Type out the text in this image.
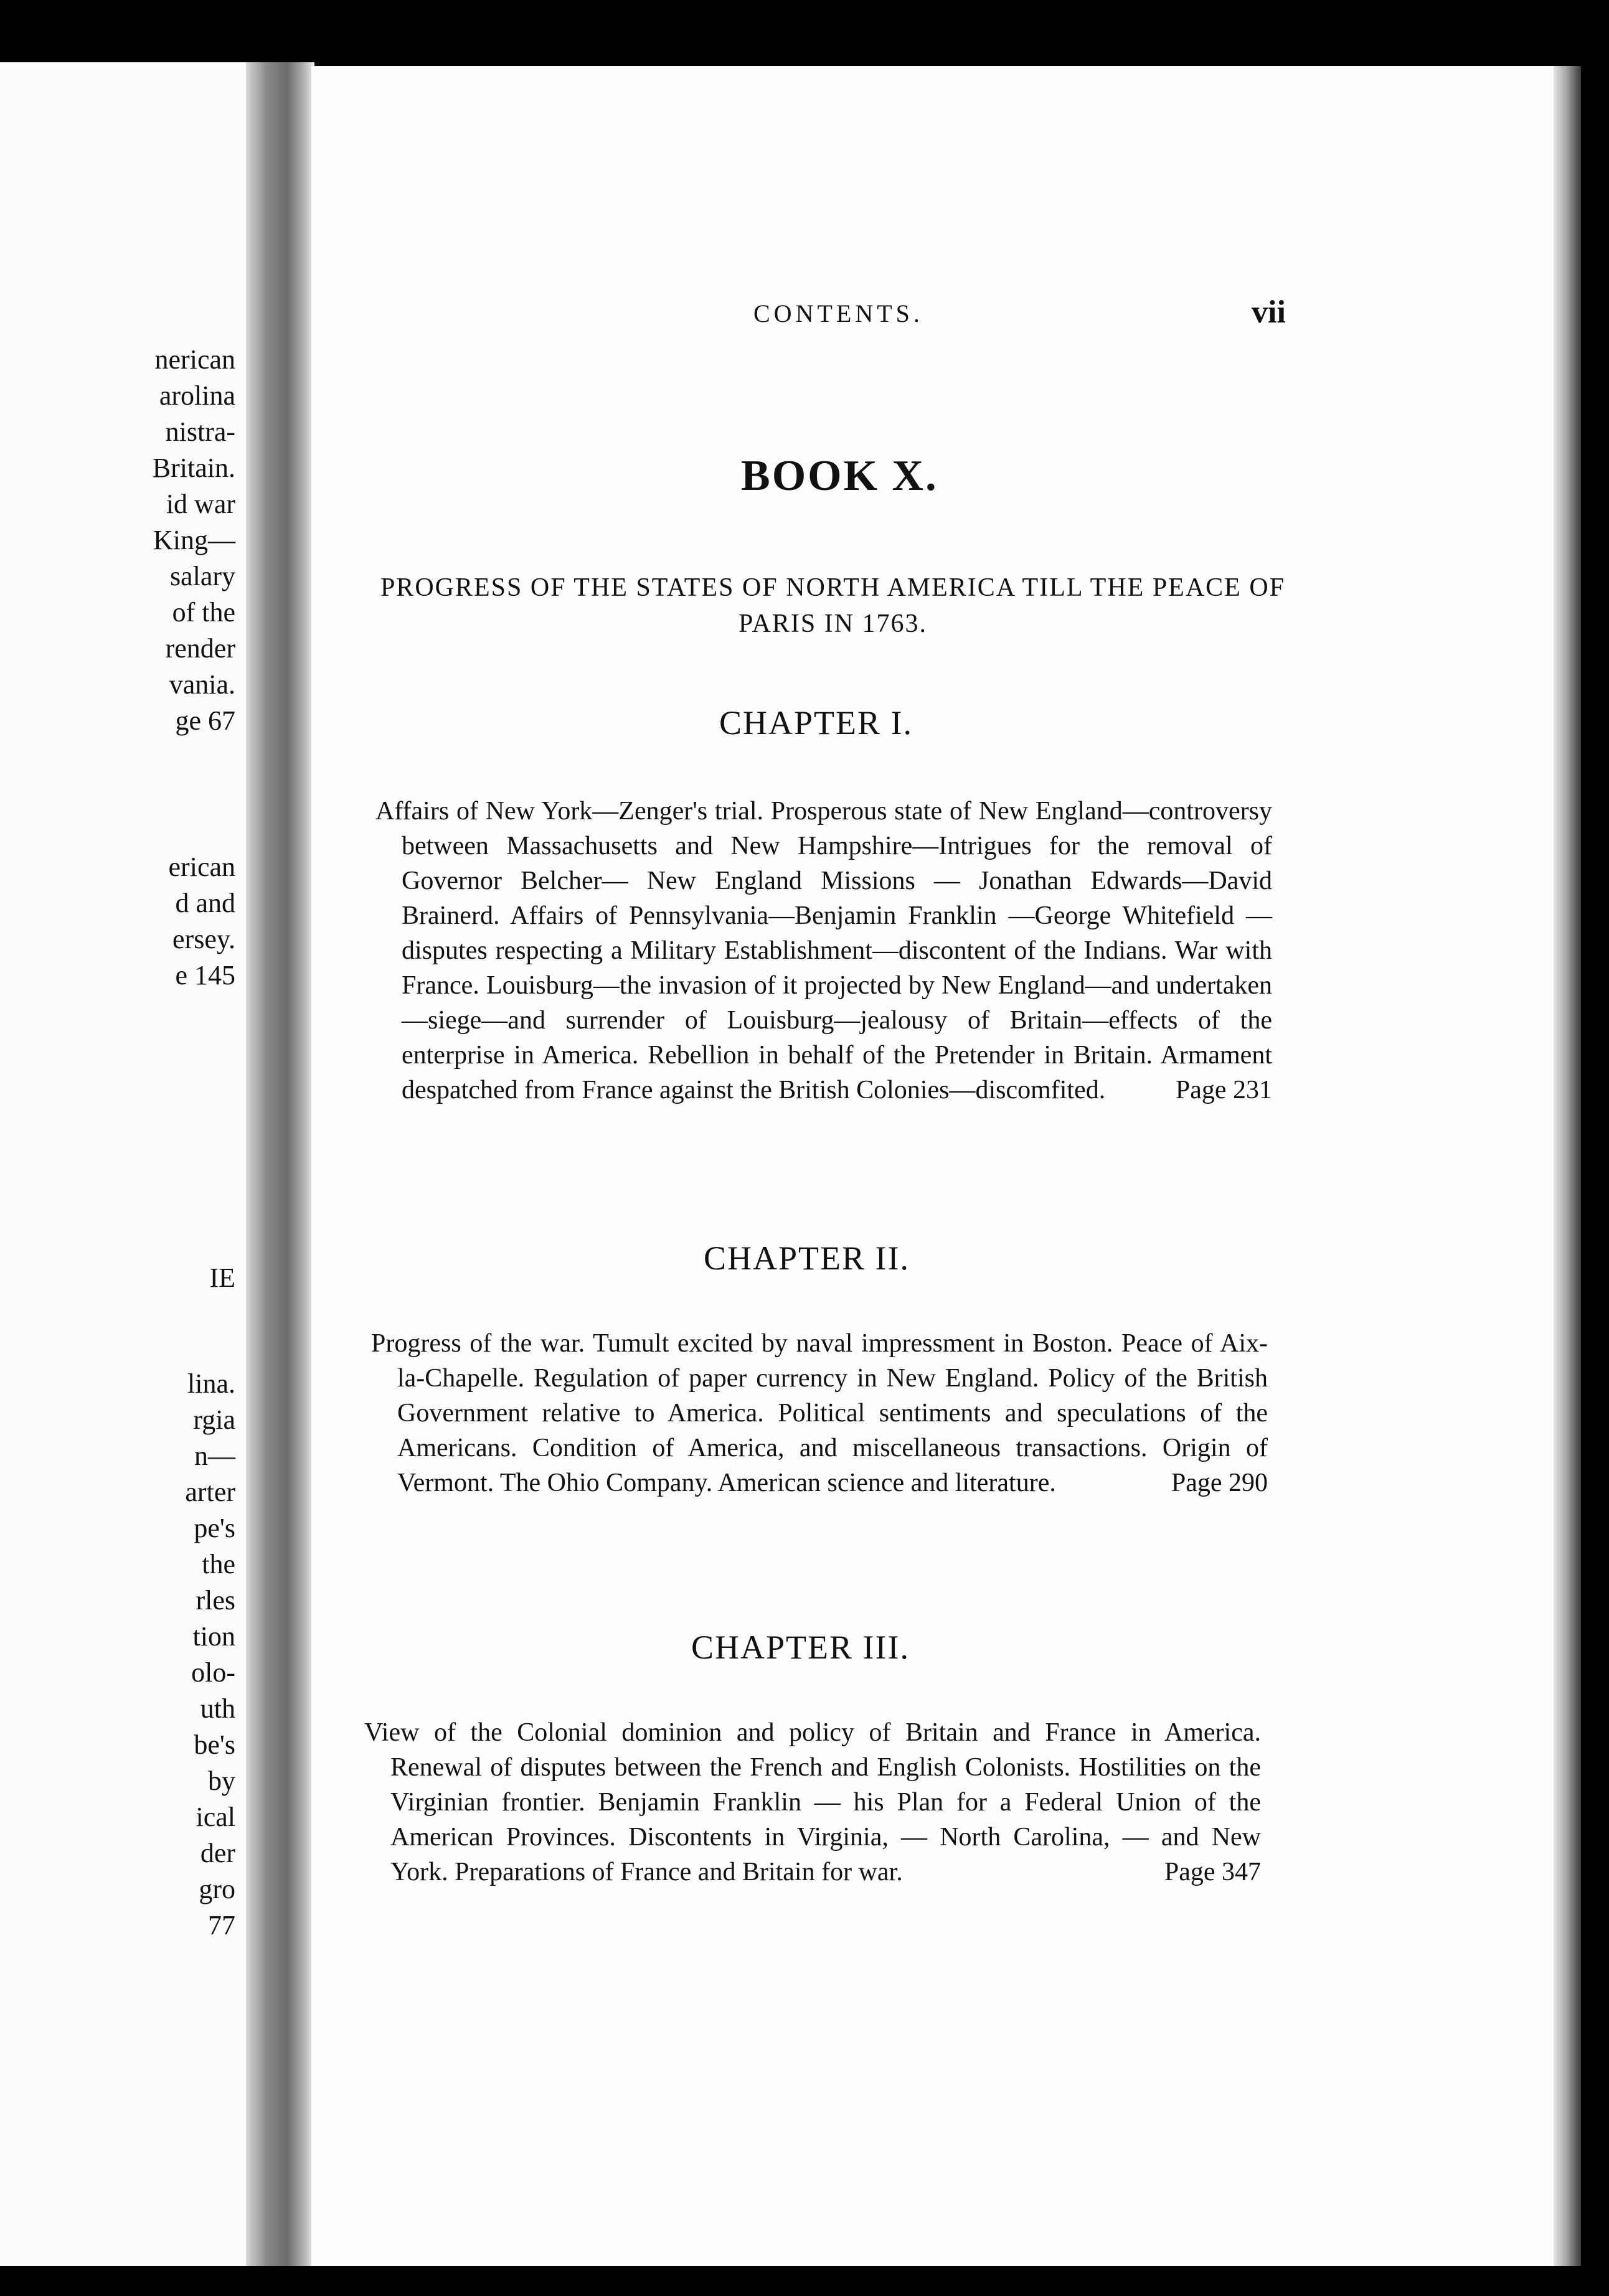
nerican
arolina
nistra-
Britain.
id war
King—
salary
of the
render
vania.
ge 67
erican
d and
ersey.
e 145
IE
lina.
rgia
n—
arter
pe's
the
rles
tion
olo-
uth
be's
by
ical
der
gro
77
CONTENTS.	vii
BOOK X.
PROGRESS OF THE STATES OF NORTH AMERICA TILL THE PEACE OF PARIS IN 1763.
CHAPTER I.
Affairs of New York—Zenger's trial. Prosperous state of New England—controversy between Massachusetts and New Hampshire—Intrigues for the removal of Governor Belcher— New England Missions — Jonathan Edwards—David Brainerd. Affairs of Pennsylvania—Benjamin Franklin —George Whitefield — disputes respecting a Military Establishment—discontent of the Indians. War with France. Louisburg—the invasion of it projected by New England—and undertaken—siege—and surrender of Louisburg—jealousy of Britain—effects of the enterprise in America. Rebellion in behalf of the Pretender in Britain. Armament despatched from France against the British Colonies—discomfited.	Page 231
CHAPTER II.
Progress of the war. Tumult excited by naval impressment in Boston. Peace of Aix-la-Chapelle. Regulation of paper currency in New England. Policy of the British Government relative to America. Political sentiments and speculations of the Americans. Condition of America, and miscellaneous transactions. Origin of Vermont. The Ohio Company. American science and literature.	Page 290
CHAPTER III.
View of the Colonial dominion and policy of Britain and France in America. Renewal of disputes between the French and English Colonists. Hostilities on the Virginian frontier. Benjamin Franklin — his Plan for a Federal Union of the American Provinces. Discontents in Virginia, — North Carolina, — and New York. Preparations of France and Britain for war.	Page 347
